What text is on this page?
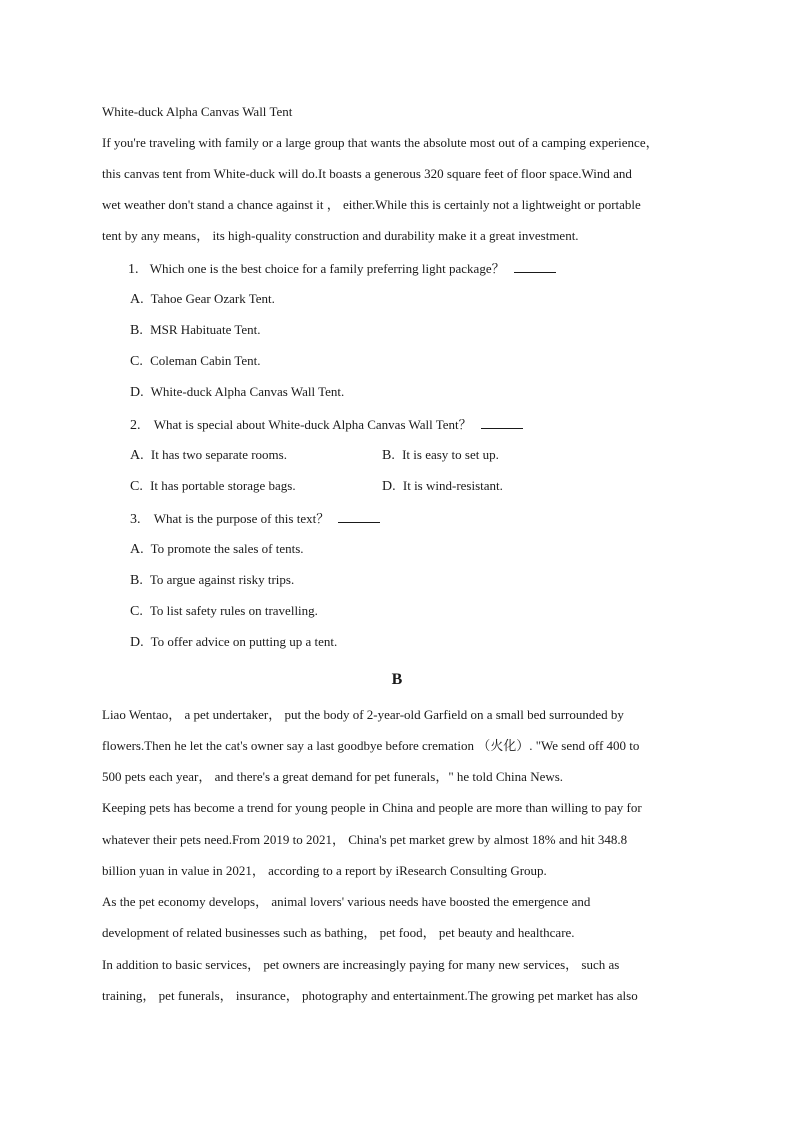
White-duck Alpha Canvas Wall Tent
If you're traveling with family or a large group that wants the absolute most out of a camping experience，
this canvas tent from White-duck will do.It boasts a generous 320 square feet of floor space.Wind and
wet weather don't stand a chance against it ， either.While this is certainly not a lightweight or portable
tent by any means， its high-quality construction and durability make it a great investment.
1. Which one is the best choice for a family preferring light package？
A. Tahoe Gear Ozark Tent.
B. MSR Habituate Tent.
C. Coleman Cabin Tent.
D. White-duck Alpha Canvas Wall Tent.
2. What is special about White-duck Alpha Canvas Wall Tent？
A. It has two separate rooms.	B. It is easy to set up.
C. It has portable storage bags.	D. It is wind-resistant.
3. What is the purpose of this text？
A. To promote the sales of tents.
B. To argue against risky trips.
C. To list safety rules on travelling.
D. To offer advice on putting up a tent.
B
Liao Wentao， a pet undertaker， put the body of 2-year-old Garfield on a small bed surrounded by
flowers.Then he let the cat's owner say a last goodbye before cremation （火化）. "We send off 400 to
500 pets each year， and there's a great demand for pet funerals，" he told China News.
Keeping pets has become a trend for young people in China and people are more than willing to pay for
whatever their pets need.From 2019 to 2021， China's pet market grew by almost 18% and hit 348.8
billion yuan in value in 2021， according to a report by iResearch Consulting Group.
As the pet economy develops， animal lovers' various needs have boosted the emergence and
development of related businesses such as bathing， pet food， pet beauty and healthcare.
In addition to basic services， pet owners are increasingly paying for many new services， such as
training， pet funerals， insurance， photography and entertainment.The growing pet market has also
